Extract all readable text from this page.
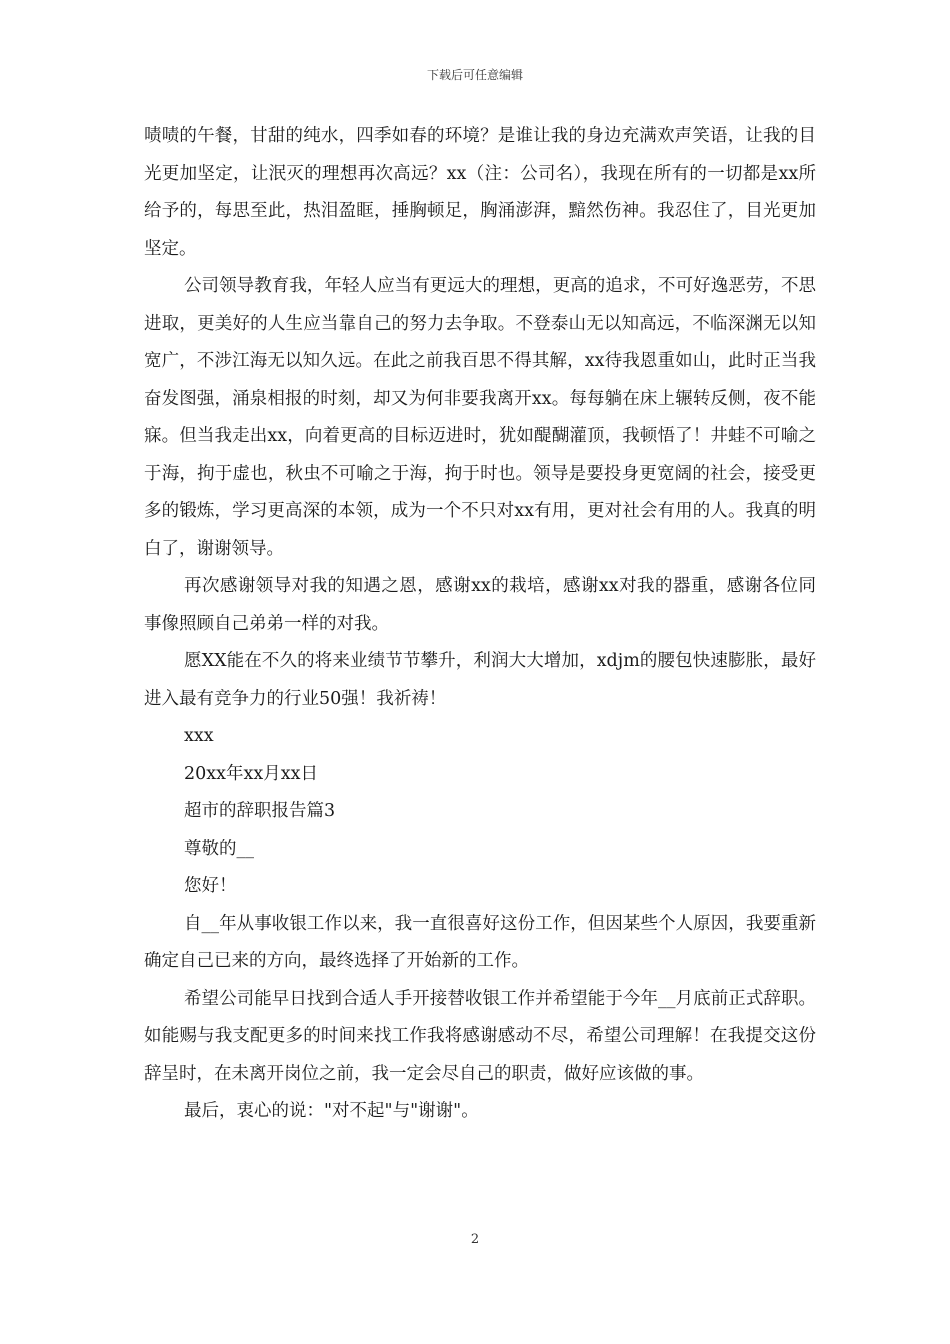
下载后可任意编辑

啧啧的午餐，甘甜的纯水，四季如春的环境？是谁让我的身边充满欢声笑语，让我的目光更加坚定，让泯灭的理想再次高远？xx（注：公司名），我现在所有的一切都是xx所给予的，每思至此，热泪盈眶，捶胸顿足，胸涌澎湃，黯然伤神。我忍住了，目光更加坚定。

公司领导教育我，年轻人应当有更远大的理想，更高的追求，不可好逸恶劳，不思进取，更美好的人生应当靠自己的努力去争取。不登泰山无以知高远，不临深渊无以知宽广，不涉江海无以知久远。在此之前我百思不得其解，xx待我恩重如山，此时正当我奋发图强，涌泉相报的时刻，却又为何非要我离开xx。每每躺在床上辗转反侧，夜不能寐。但当我走出xx，向着更高的目标迈进时，犹如醍醐灌顶，我顿悟了！井蛙不可喻之于海，拘于虚也，秋虫不可喻之于海，拘于时也。领导是要投身更宽阔的社会，接受更多的锻炼，学习更高深的本领，成为一个不只对xx有用，更对社会有用的人。我真的明白了，谢谢领导。

再次感谢领导对我的知遇之恩，感谢xx的栽培，感谢xx对我的器重，感谢各位同事像照顾自己弟弟一样的对我。

愿XX能在不久的将来业绩节节攀升，利润大大增加，xdjm的腰包快速膨胀，最好进入最有竞争力的行业50强！我祈祷！

xxx

20xx年xx月xx日

超市的辞职报告篇3

尊敬的__

您好！

自__年从事收银工作以来，我一直很喜好这份工作，但因某些个人原因，我要重新确定自己已来的方向，最终选择了开始新的工作。

希望公司能早日找到合适人手开接替收银工作并希望能于今年__月底前正式辞职。如能赐与我支配更多的时间来找工作我将感谢感动不尽，希望公司理解！在我提交这份辞呈时，在未离开岗位之前，我一定会尽自己的职责，做好应该做的事。

最后，衷心的说："对不起"与"谢谢"。

2
